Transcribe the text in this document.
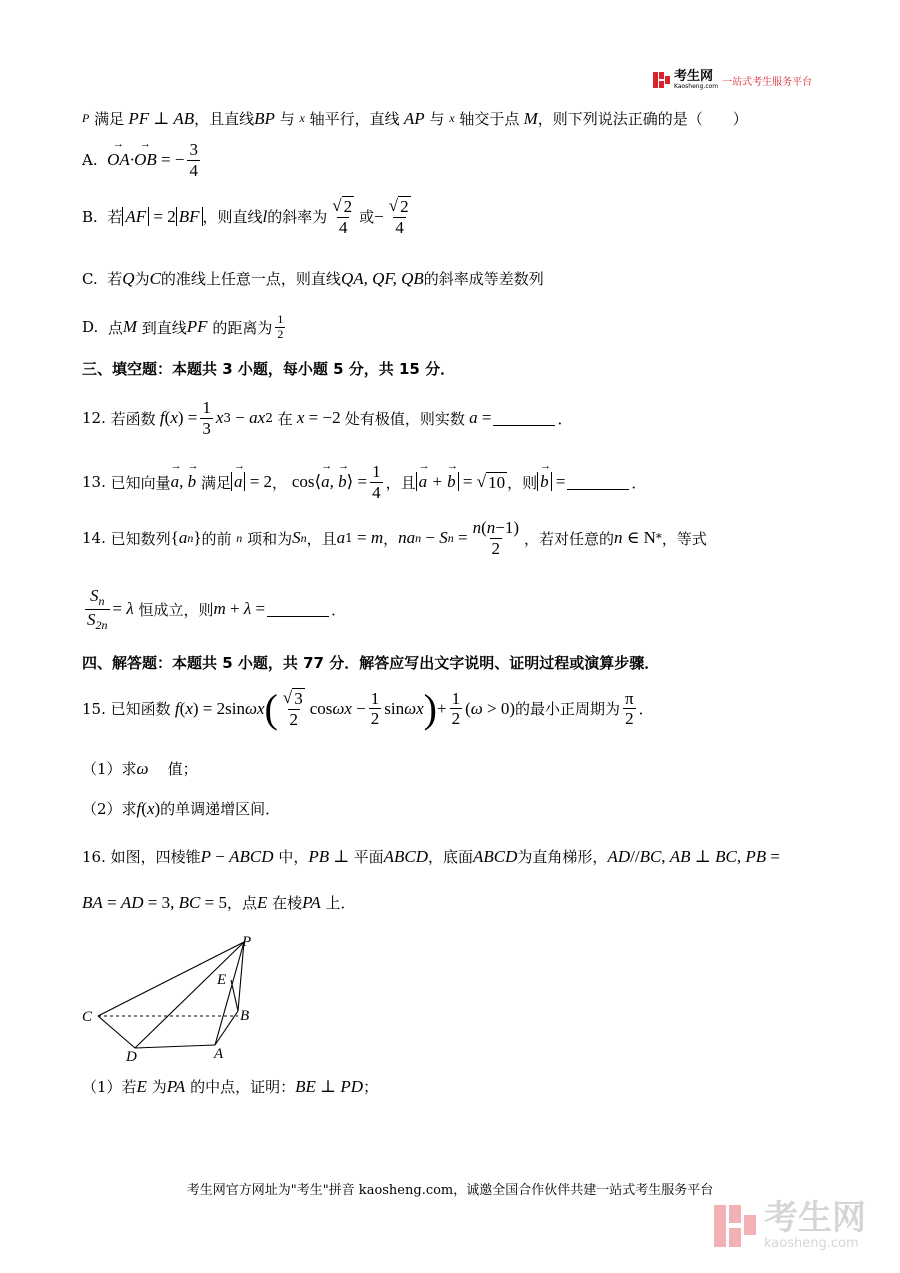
考生网
Kaosheng.com 一站式考生服务平台
P
满足 PF ⊥ AB ，且直线 BP
与
x
轴平行，直线 AP
与
x
轴交于点 M ，则下列说法正确的是（　　）
A.
→ OA·→ OB = − $\frac{3}{4}$
B.
若 AF = 2 BF ，则直线 l 的斜率为 $\frac{√ 2}{4}$ 或 − $\frac{√ 2}{4}$
C.
若 Q 为 C 的准线上任意一点，则直线 QA, QF, QB 的斜率成等差数列
D.
点 M
到直线 PF
的距离为 $\frac{1}{2}$
三、填空题：本题共 3 小题，每小题 5 分，共 15 分．
12.
若函数 f ( x ) = $\frac{1}{3}$ x 3 − ax 2
在 x = −2 处有极值，则实数 a =	．
13.
已知向量 → a, → b
满足 → a = 2 ，
cos⟨ → a, → b ⟩ = $\frac{1}{4}$ ，且 → a + → b = √ 10 ，则 → b =	．
14.
已知数列 { a n } 的前
n
项和为 S n ，且 a 1 = m ， na n − S $n = \frac{n(n-1)}{2}$ ，若对任意的 n ∈ N * ，等式
$\frac{S_n}{S_{2n}} = \lambda$
恒成立，则 m + λ =	．
四、解答题：本题共 5 小题，共 77 分．解答应写出文字说明、证明过程或演算步骤．
15.
已知函数 f ( x ) = 2sin ωx ( $\frac{√ 3}{2}$ $\cos \omega x - \frac{1}{2}$ sin ωx ) + $\frac{1}{2}$ ( ω > 0) 的最小正周期为 $\frac{\pi}{2}$ ．
（1）求 ω
值；
（2）求 f ( x ) 的单调递增区间．
16.
如图，四棱锥 P − ABCD
中， PB ⊥ 平面 ABCD ，底面 ABCD 为直角梯形， AD // BC , AB ⊥ BC , PB =
BA = AD = 3, BC = 5 ，点 E
在棱 PA
上．
P
E
B
C
D	A
（1）若 E
为 PA
的中点，证明： BE ⊥ PD ；
考生网官方网址为"考生"拼音 kaosheng.com，诚邀全国合作伙伴共建一站式考生服务平台
考生网
kaosheng.com
